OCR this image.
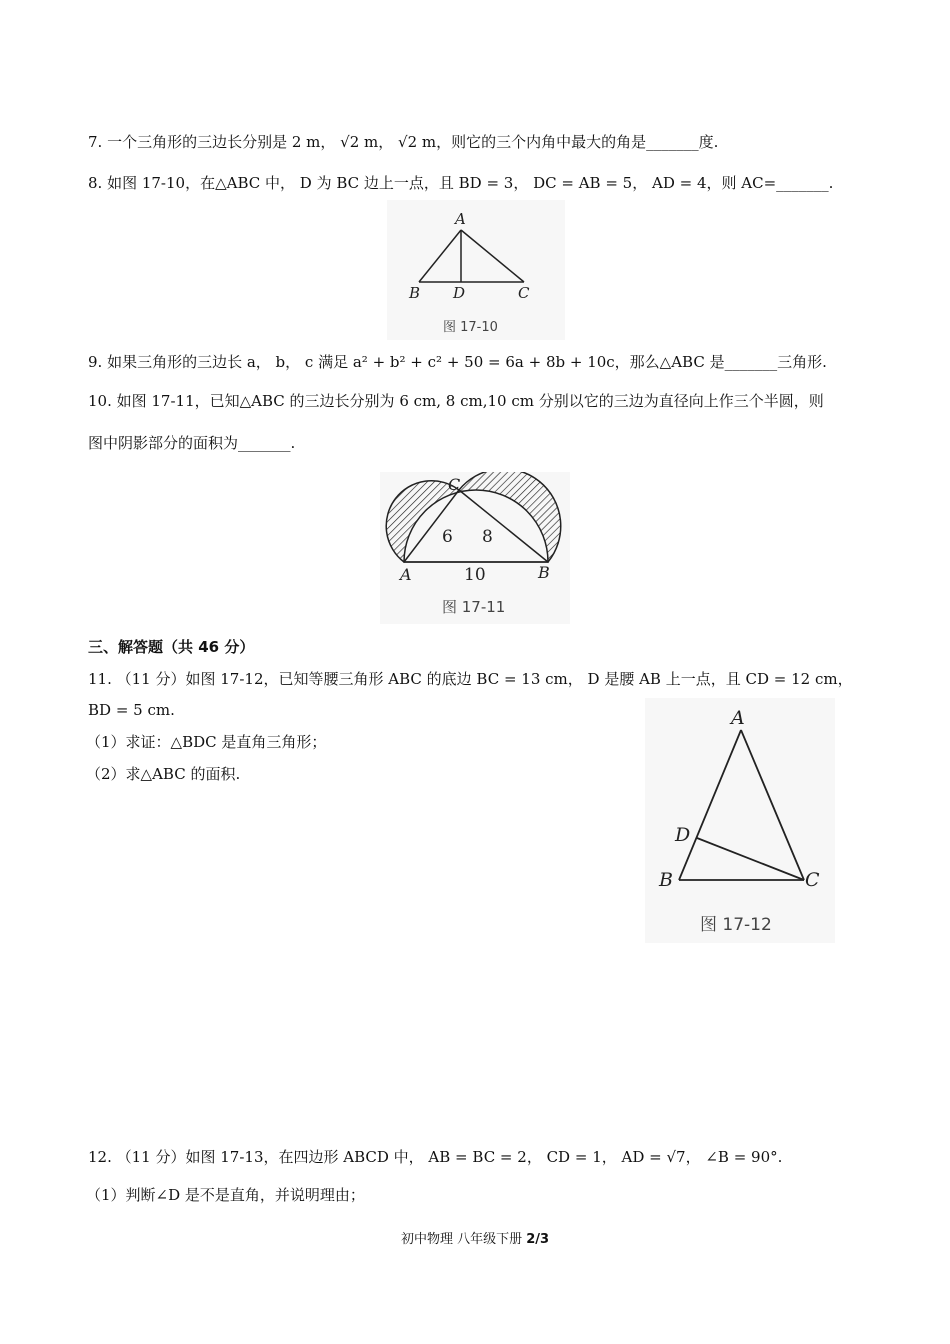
7. 一个三角形的三边长分别是 2 m， √2 m， √2 m，则它的三个内角中最大的角是_______度.
8. 如图 17-10，在△ABC 中， D 为 BC 边上一点，且 BD = 3， DC = AB = 5， AD = 4，则 AC=_______.
A
B D	C
图 17-10
9. 如果三角形的三边长 a， b， c 满足 a² + b² + c² + 50 = 6a + 8b + 10c，那么△ABC 是_______三角形.
10. 如图 17-11，已知△ABC 的三边长分别为 6 cm, 8 cm,10 cm 分别以它的三边为直径向上作三个半圆，则
图中阴影部分的面积为_______.
C
A	B
6 8
10
图 17-11
三、解答题（共 46 分）
11. （11 分）如图 17-12，已知等腰三角形 ABC 的底边 BC = 13 cm， D 是腰 AB 上一点，且 CD = 12 cm，
BD = 5 cm.
（1）求证：△BDC 是直角三角形；
（2）求△ABC 的面积.
A
D
B	C
图 17-12
12. （11 分）如图 17-13，在四边形 ABCD 中， AB = BC = 2， CD = 1， AD = √7， ∠B = 90°.
（1）判断∠D 是不是直角，并说明理由；
初中物理 八年级下册 2/3
